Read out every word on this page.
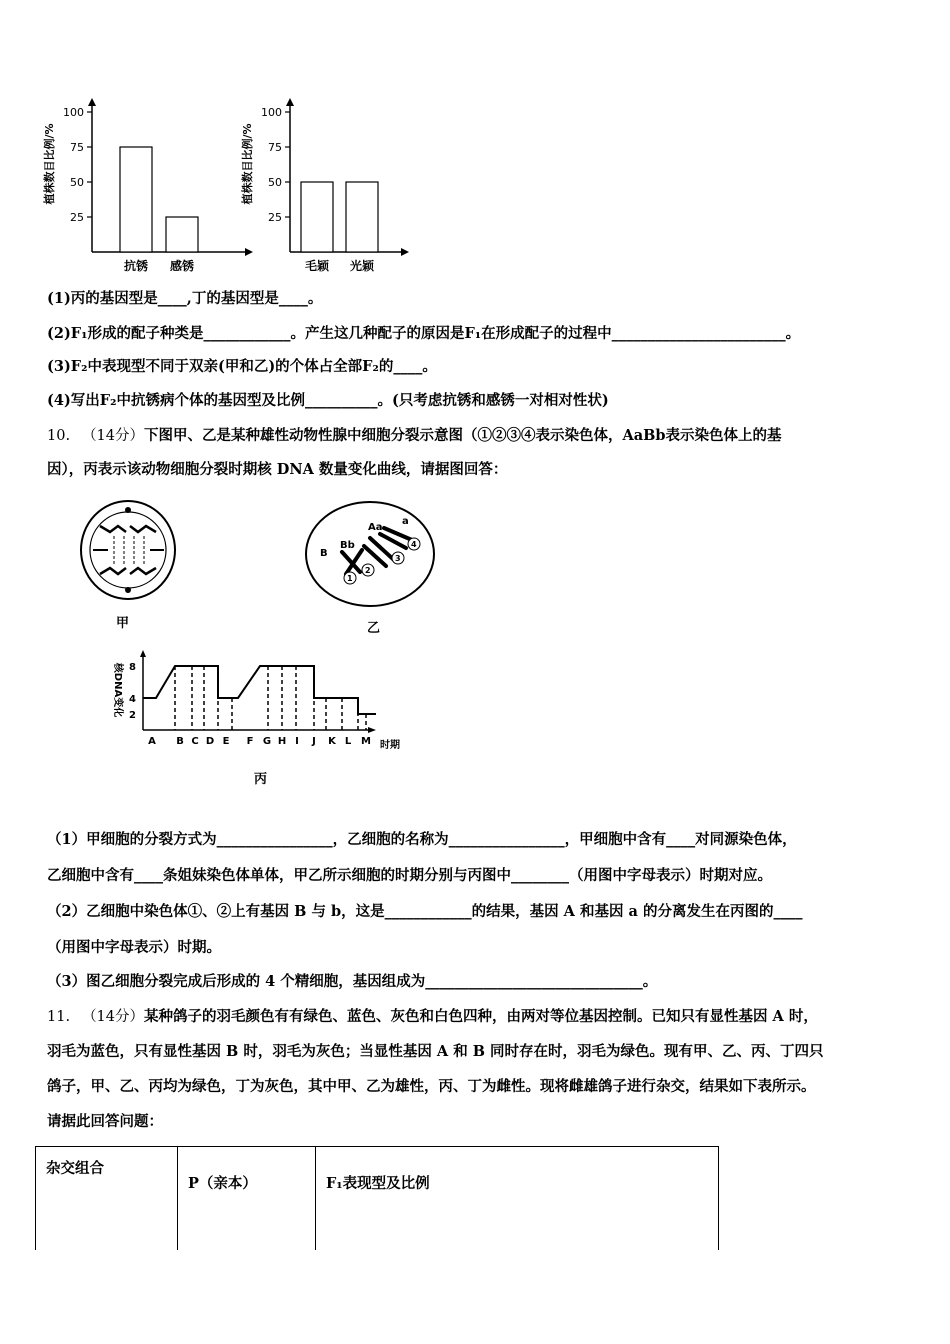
植株数目比例/%
25
50
75
100
抗锈 感锈
植株数目比例/%
25
50
75
100
毛颖 光颖
(1)丙的基因型是____,丁的基因型是____。
(2)F₁形成的配子种类是____________。产生这几种配子的原因是F₁在形成配子的过程中________________________。
(3)F₂中表现型不同于双亲(甲和乙)的个体占全部F₂的____。
(4)写出F₂中抗锈病个体的基因型及比例__________。(只考虑抗锈和感锈一对相对性状)
10. （14分）下图甲、乙是某种雄性动物性腺中细胞分裂示意图（①②③④表示染色体，AaBb表示染色体上的基
因），丙表示该动物细胞分裂时期核 DNA 数量变化曲线，请据图回答：
甲
B
Bb
Aa
a
1
2
3
4
乙
核DNA变化
时期
2
4
8
A B C D E F G H I J K L M
丙
（1）甲细胞的分裂方式为________________，乙细胞的名称为________________，甲细胞中含有____对同源染色体，
乙细胞中含有____条姐妹染色体单体，甲乙所示细胞的时期分别与丙图中________（用图中字母表示）时期对应。
（2）乙细胞中染色体①、②上有基因 B 与 b，这是____________的结果，基因 A 和基因 a 的分离发生在丙图的____
（用图中字母表示）时期。
（3）图乙细胞分裂完成后形成的 4 个精细胞，基因组成为______________________________。
11. （14分）某种鸽子的羽毛颜色有有绿色、蓝色、灰色和白色四种，由两对等位基因控制。已知只有显性基因 A 时，
羽毛为蓝色，只有显性基因 B 时，羽毛为灰色；当显性基因 A 和 B 同时存在时，羽毛为绿色。现有甲、乙、丙、丁四只
鸽子，甲、乙、丙均为绿色，丁为灰色，其中甲、乙为雄性，丙、丁为雌性。现将雌雄鸽子进行杂交，结果如下表所示。
请据此回答问题：
杂交组合	P（亲本）	F₁表现型及比例
